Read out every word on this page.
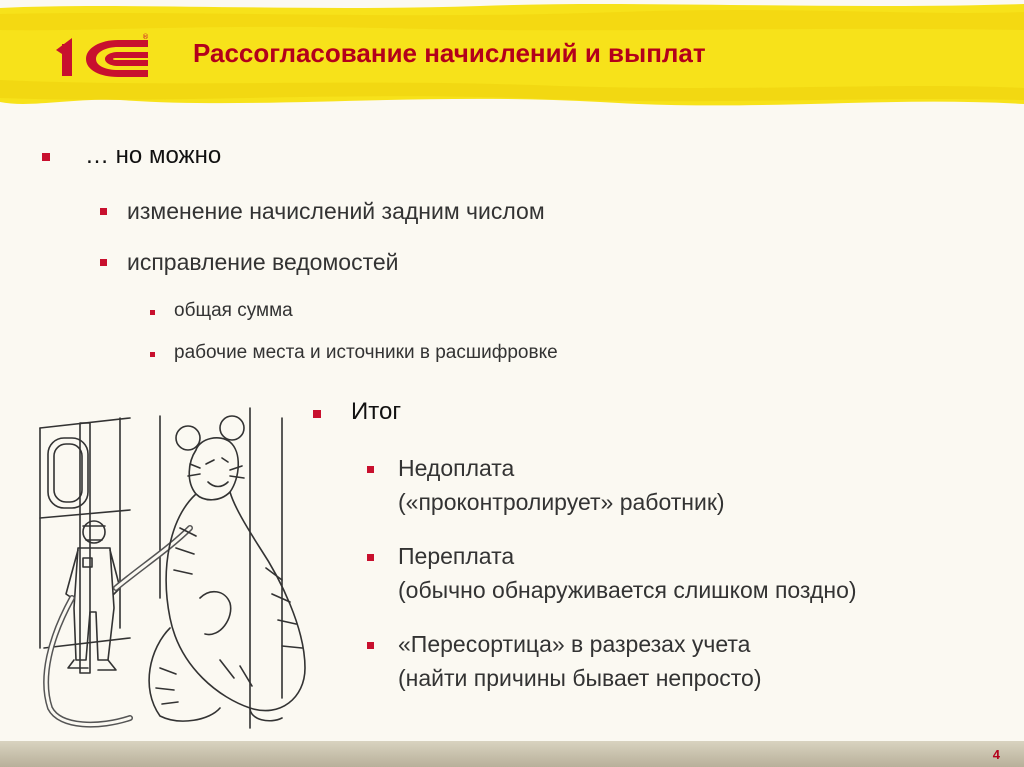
®
Рассогласование начислений и выплат
… но можно
изменение начислений задним числом
исправление ведомостей
общая сумма
рабочие места и источники в расшифровке
Итог
Недоплата
(«проконтролирует» работник)
Переплата
(обычно обнаруживается слишком поздно)
«Пересортица» в разрезах учета
(найти причины бывает непросто)
4
